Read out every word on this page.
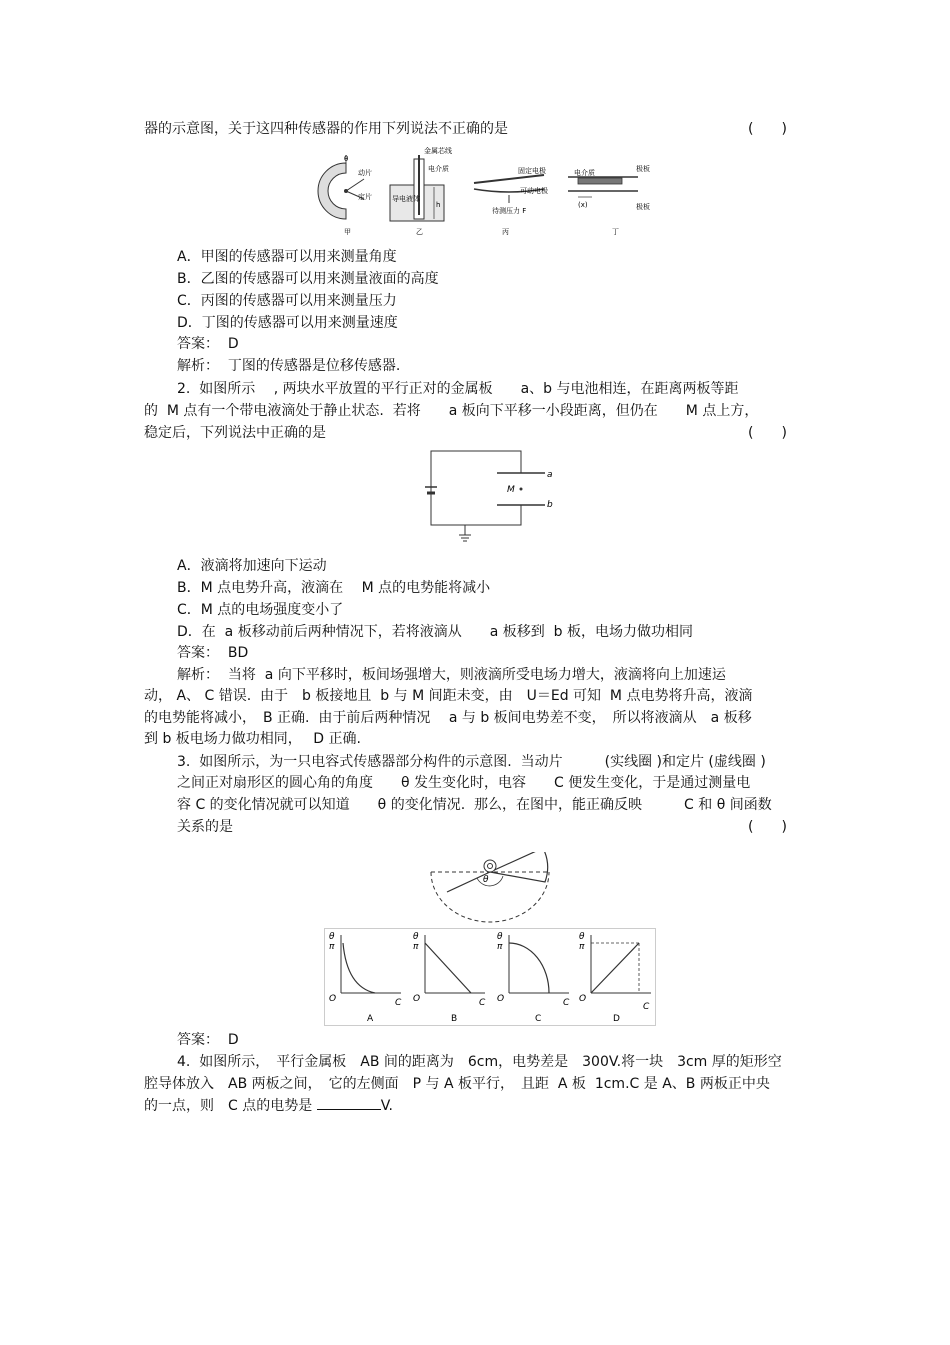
器的示意图，关于这四种传感器的作用下列说法不正确的是	(　　)
θ
动片
定片
甲
h
金属芯线
电介质
导电液体
乙
固定电极
可动电极
待测压力 F
丙
电介质	极板
极板
(x)
丁
A．甲图的传感器可以用来测量角度
B．乙图的传感器可以用来测量液面的高度
C．丙图的传感器可以用来测量压力
D．丁图的传感器可以用来测量速度
答案：  D
解析：  丁图的传感器是位移传感器.
2.  如图所示　 , 两块水平放置的平行正对的金属板　　a、b 与电池相连，在距离两板等距
的  M 点有一个带电液滴处于静止状态.  若将　　a 板向下平移一小段距离，但仍在　　M 点上方，
稳定后，下列说法中正确的是	(　　)
a
b
M
A．液滴将加速向下运动
B．M 点电势升高，液滴在　 M 点的电势能将减小
C．M 点的电场强度变小了
D．在  a 板移动前后两种情况下，若将液滴从　　a 板移到  b 板，电场力做功相同
答案：  BD
解析：  当将  a 向下平移时，板间场强增大，则液滴所受电场力增大，液滴将向上加速运
动， A、 C 错误.  由于　b 板接地且  b 与 M 间距未变，由　U＝Ed 可知  M 点电势将升高，液滴
的电势能将减小，　B 正确.  由于前后两种情况　 a 与 b 板间电势差不变，　所以将液滴从　a 板移
到 b 板电场力做功相同，　 D 正确.
3.  如图所示，为一只电容式传感器部分构件的示意图.  当动片　　　(实线圈 )和定片 (虚线圈 )
之间正对扇形区的圆心角的角度　　θ 发生变化时，电容　　C 便发生变化，于是通过测量电
容 C 的变化情况就可以知道　　θ 的变化情况.  那么，在图中，能正确反映　　　C 和 θ 间函数
关系的是	(　　)
θ
θ
π
O	C
A
θ
π
O	C
B
θ
π
O	C
C
θ
π
O
C
D
答案：  D
4.  如图所示，　平行金属板　AB 间的距离为　6cm，电势差是　300V.将一块　3cm 厚的矩形空
腔导体放入　AB 两板之间，　它的左侧面　P 与 A 板平行，　且距  A 板  1cm.C 是 A、B 两板正中央
的一点，则　C 点的电势是	V.
